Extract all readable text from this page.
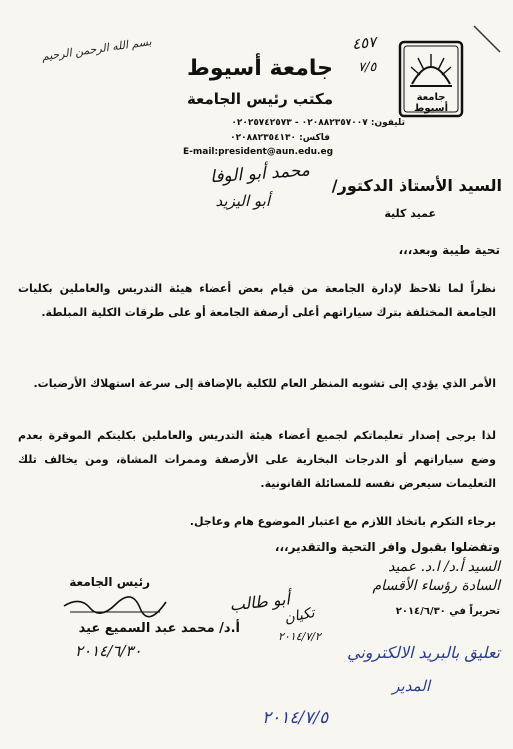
بسم الله الرحمن الرحيم
جامعة أسيوط
مكتب رئيس الجامعة
تليفون: ٠٢٠٨٨٢٣٥٧٠٠٧ - ٠٢٠٢٥٧٤٢٥٧٣
فاكس: ٠٢٠٨٨٢٣٥٤١٣٠
E-mail:president@aun.edu.eg
جامعة أسيوط
٤٥٧
٧/٥
السيد الأستاذ الدكتور/
محمد أبو الوفا
أبو اليزيد
عميد كلية
تحية طيبة وبعد،،،
نظراً لما تلاحظ لإدارة الجامعة من قيام بعض أعضاء هيئة التدريس والعاملين بكليات الجامعة المختلفة بترك سياراتهم أعلى أرصفة الجامعة أو على طرقات الكلية المبلطة.
الأمر الذي يؤدي إلى تشويه المنظر العام للكلية بالإضافة إلى سرعة استهلاك الأرضيات.
لذا يرجى إصدار تعليماتكم لجميع أعضاء هيئة التدريس والعاملين بكليتكم الموقرة بعدم وضع سياراتهم أو الدرجات البخارية على الأرصفة وممرات المشاة، ومن يخالف تلك التعليمات سيعرض نفسه للمسائلة القانونية.
برجاء التكرم باتخاذ اللازم مع اعتبار الموضوع هام وعاجل.
وتفضلوا بقبول وافر التحية والتقدير،،،
السيد أ.د/ ا.د. عميد
السادة رؤساء الأقسام
رئيس الجامعة
أبو طالب
أ.د/ محمد عبد السميع عيد
٢٠١٤/٦/٣٠
تحريراً في ٢٠١٤/٦/٣٠
تكيان
٢٠١٤/٧/٢
تعليق بالبريد الالكتروني
المدير
٢٠١٤/٧/٥
